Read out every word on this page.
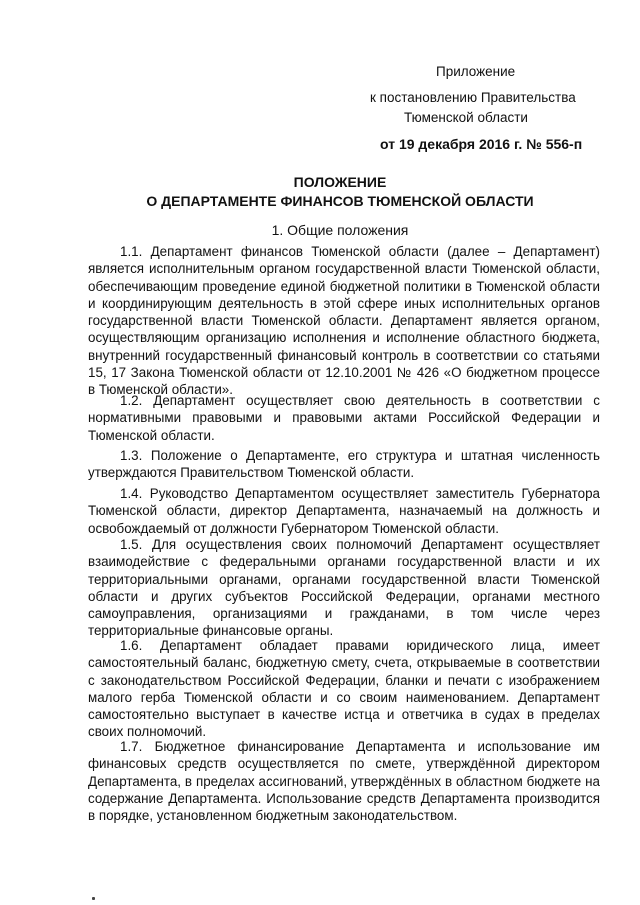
Приложение
к постановлению Правительства
Тюменской области
от 19 декабря 2016 г. № 556-п
ПОЛОЖЕНИЕ
О ДЕПАРТАМЕНТЕ ФИНАНСОВ ТЮМЕНСКОЙ ОБЛАСТИ
1. Общие положения

1.1. Департамент финансов Тюменской области (далее – Департамент) является исполнительным органом государственной власти Тюменской области, обеспечивающим проведение единой бюджетной политики в Тюменской области и координирующим деятельность в этой сфере иных исполнительных органов государственной власти Тюменской области. Департамент является органом, осуществляющим организацию исполнения и исполнение областного бюджета, внутренний государственный финансовый контроль в соответствии со статьями 15, 17 Закона Тюменской области от 12.10.2001 № 426 «О бюджетном процессе в Тюменской области».

1.2. Департамент осуществляет свою деятельность в соответствии с нормативными правовыми и правовыми актами Российской Федерации и Тюменской области.

1.3. Положение о Департаменте, его структура и штатная численность утверждаются Правительством Тюменской области.

1.4. Руководство Департаментом осуществляет заместитель Губернатора Тюменской области, директор Департамента, назначаемый на должность и освобождаемый от должности Губернатором Тюменской области.

1.5. Для осуществления своих полномочий Департамент осуществляет взаимодействие с федеральными органами государственной власти и их территориальными органами, органами государственной власти Тюменской области и других субъектов Российской Федерации, органами местного самоуправления, организациями и гражданами, в том числе через территориальные финансовые органы.

1.6. Департамент обладает правами юридического лица, имеет самостоятельный баланс, бюджетную смету, счета, открываемые в соответствии с законодательством Российской Федерации, бланки и печати с изображением малого герба Тюменской области и со своим наименованием. Департамент самостоятельно выступает в качестве истца и ответчика в судах в пределах своих полномочий.

1.7. Бюджетное финансирование Департамента и использование им финансовых средств осуществляется по смете, утверждённой директором Департамента, в пределах ассигнований, утверждённых в областном бюджете на содержание Департамента. Использование средств Департамента производится в порядке, установленном бюджетным законодательством.
